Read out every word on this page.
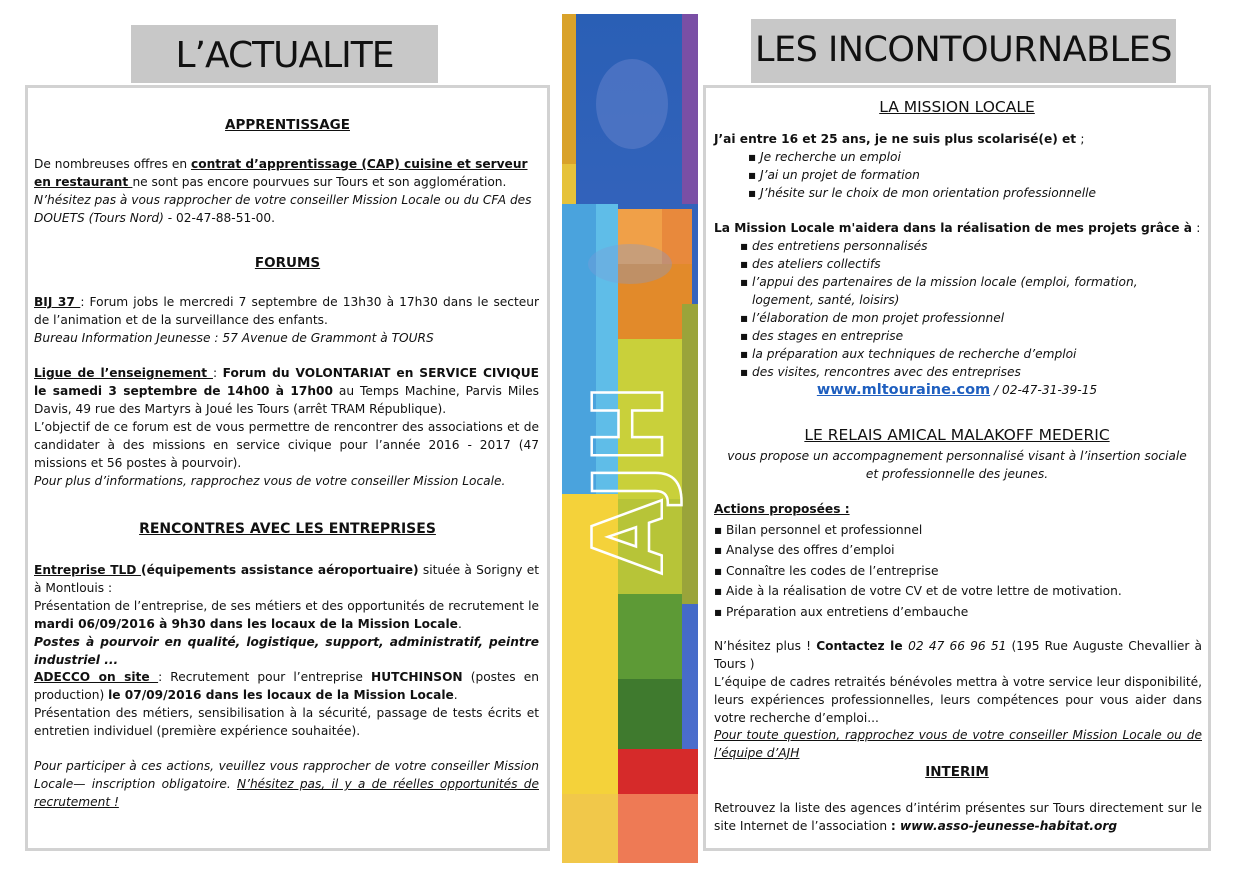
L’ACTUALITE	LES INCONTOURNABLES
AJH
APPRENTISSAGE
De nombreuses offres en contrat d’apprentissage (CAP) cuisine et serveur en restaurant ne sont pas encore pourvues sur Tours et son agglomération.
N’hésitez pas à vous rapprocher de votre conseiller Mission Locale ou du CFA des DOUETS (Tours Nord) - 02-47-88-51-00.
FORUMS
BIJ 37 : Forum jobs le mercredi 7 septembre de 13h30 à 17h30 dans le secteur de l’animation et de la surveillance des enfants.
Bureau Information Jeunesse : 57 Avenue de Grammont à TOURS
Ligue de l’enseignement : Forum du VOLONTARIAT en SERVICE CIVIQUE le samedi 3 septembre de 14h00 à 17h00 au Temps Machine, Parvis Miles Davis, 49 rue des Martyrs à Joué les Tours (arrêt TRAM République).
L’objectif de ce forum est de vous permettre de rencontrer des associations et de candidater à des missions en service civique pour l’année 2016 - 2017 (47 missions et 56 postes à pourvoir).
Pour plus d’informations, rapprochez vous de votre conseiller Mission Locale.
RENCONTRES AVEC LES ENTREPRISES
Entreprise TLD (équipements assistance aéroportuaire) située à Sorigny et à Montlouis :
Présentation de l’entreprise, de ses métiers et des opportunités de recrutement le mardi 06/09/2016 à 9h30 dans les locaux de la Mission Locale.
Postes à pourvoir en qualité, logistique, support, administratif, peintre industriel ...
ADECCO on site : Recrutement pour l’entreprise HUTCHINSON (postes en production) le 07/09/2016 dans les locaux de la Mission Locale.
Présentation des métiers, sensibilisation à la sécurité, passage de tests écrits et entretien individuel (première expérience souhaitée).
Pour participer à ces actions, veuillez vous rapprocher de votre conseiller Mission Locale— inscription obligatoire. N’hésitez pas, il y a de réelles opportunités de recrutement !
LA MISSION LOCALE
J’ai entre 16 et 25 ans, je ne suis plus scolarisé(e) et ;
▪ Je recherche un emploi
▪ J’ai un projet de formation
▪ J’hésite sur le choix de mon orientation professionnelle
La Mission Locale m'aidera dans la réalisation de mes projets grâce à :
▪ des entretiens personnalisés
▪ des ateliers collectifs
▪ l’appui des partenaires de la mission locale (emploi, formation, logement, santé, loisirs)
▪ l’élaboration de mon projet professionnel
▪ des stages en entreprise
▪ la préparation aux techniques de recherche d’emploi
▪ des visites, rencontres avec des entreprises
www.mltouraine.com / 02-47-31-39-15
LE RELAIS AMICAL MALAKOFF MEDERIC
vous propose un accompagnement personnalisé visant à l’insertion sociale et professionnelle des jeunes.
Actions proposées :
▪ Bilan personnel et professionnel
▪ Analyse des offres d’emploi
▪ Connaître les codes de l’entreprise
▪ Aide à la réalisation de votre CV et de votre lettre de motivation.
▪ Préparation aux entretiens d’embauche
N’hésitez plus ! Contactez le 02 47 66 96 51 (195 Rue Auguste Chevallier à Tours )
L’équipe de cadres retraités bénévoles mettra à votre service leur disponibilité, leurs expériences professionnelles, leurs compétences pour vous aider dans votre recherche d’emploi...
Pour toute question, rapprochez vous de votre conseiller Mission Locale ou de l’équipe d’AJH
INTERIM
Retrouvez la liste des agences d’intérim présentes sur Tours directement sur le site Internet de l’association : www.asso-jeunesse-habitat.org
